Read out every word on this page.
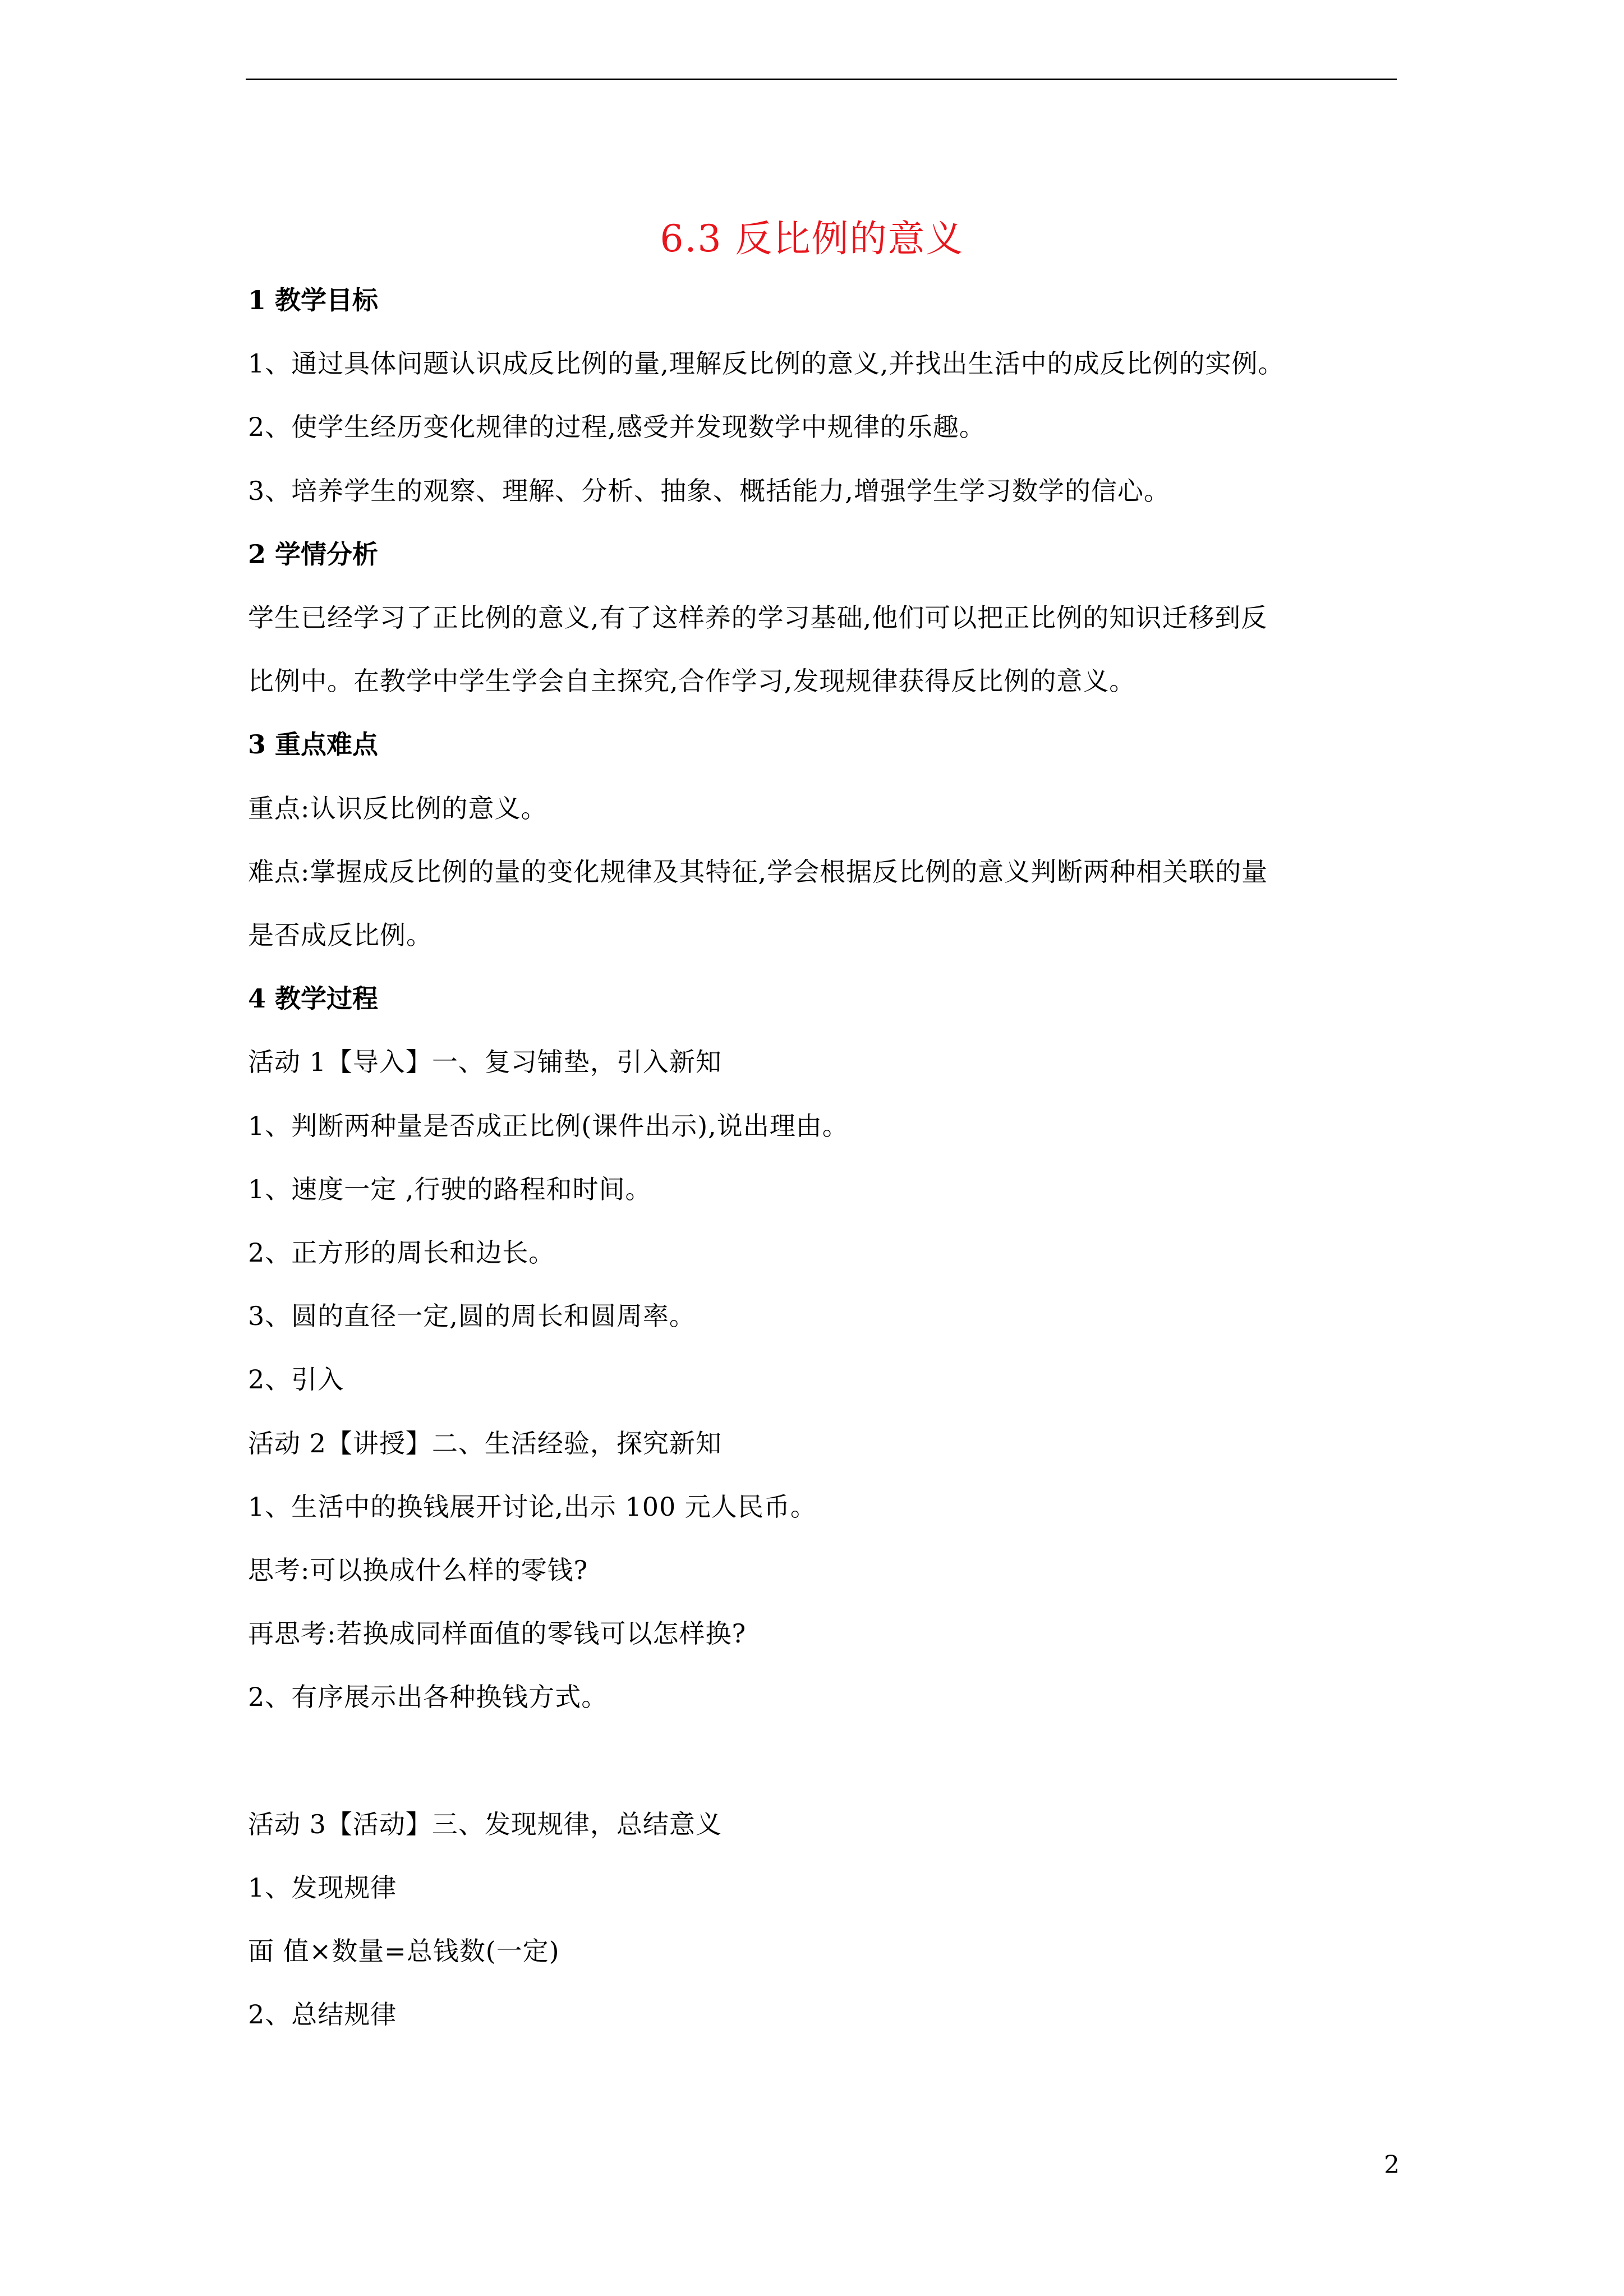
6.3 反比例的意义

1 教学目标

1、通过具体问题认识成反比例的量,理解反比例的意义,并找出生活中的成反比例的实例。

2、使学生经历变化规律的过程,感受并发现数学中规律的乐趣。

3、培养学生的观察、理解、分析、抽象、概括能力,增强学生学习数学的信心。

2 学情分析

学生已经学习了正比例的意义,有了这样养的学习基础,他们可以把正比例的知识迁移到反

比例中。在教学中学生学会自主探究,合作学习,发现规律获得反比例的意义。

3 重点难点

重点:认识反比例的意义。

难点:掌握成反比例的量的变化规律及其特征,学会根据反比例的意义判断两种相关联的量

是否成反比例。

4 教学过程

活动 1【导入】一、复习铺垫，引入新知

1、判断两种量是否成正比例(课件出示),说出理由。

1、速度一定 ,行驶的路程和时间。

2、正方形的周长和边长。

3、圆的直径一定,圆的周长和圆周率。

2、引入

活动 2【讲授】二、生活经验，探究新知

1、生活中的换钱展开讨论,出示 100 元人民币。

思考:可以换成什么样的零钱?

再思考:若换成同样面值的零钱可以怎样换?

2、有序展示出各种换钱方式。

活动 3【活动】三、发现规律，总结意义

1、发现规律

面 值×数量=总钱数(一定)

2、总结规律

2
